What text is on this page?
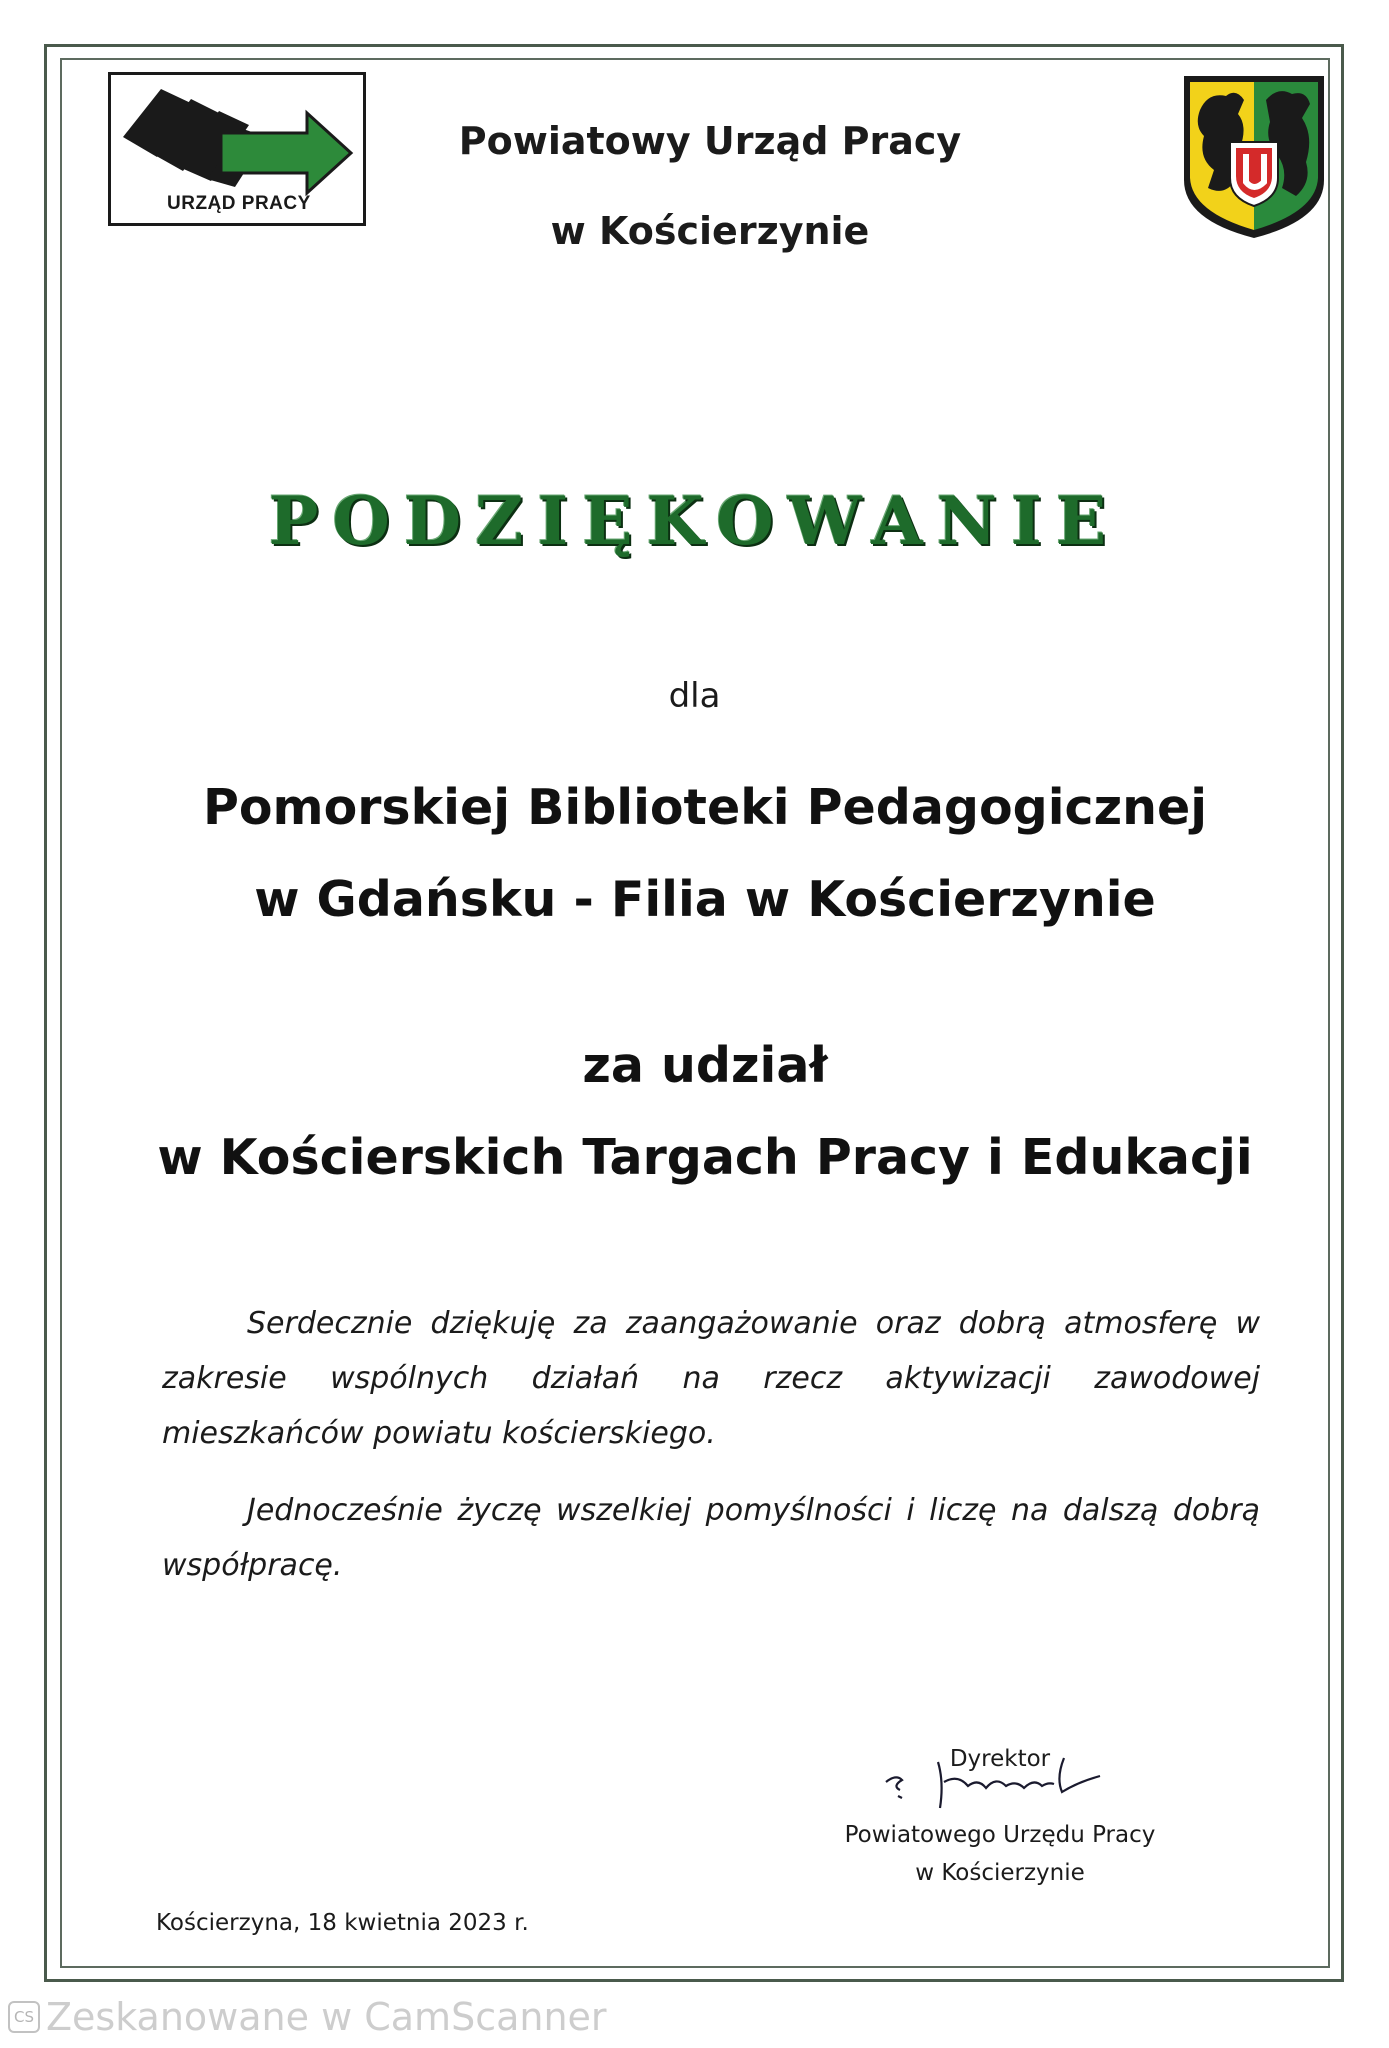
URZĄD PRACY
Powiatowy Urząd Pracy
w Kościerzynie
PODZIĘKOWANIE
dla
Pomorskiej Biblioteki Pedagogicznej
w Gdańsku - Filia w Kościerzynie
za udział
w Kościerskich Targach Pracy i Edukacji

Serdecznie dziękuję za zaangażowanie oraz dobrą atmosferę w zakresie wspólnych działań na rzecz aktywizacji zawodowej mieszkańców powiatu kościerskiego.

Jednocześnie życzę wszelkiej pomyślności i liczę na dalszą dobrą współpracę.

Dyrektor

Powiatowego Urzędu Pracy
w Kościerzynie
Kościerzyna, 18 kwietnia 2023 r.
CS Zeskanowane w CamScanner
